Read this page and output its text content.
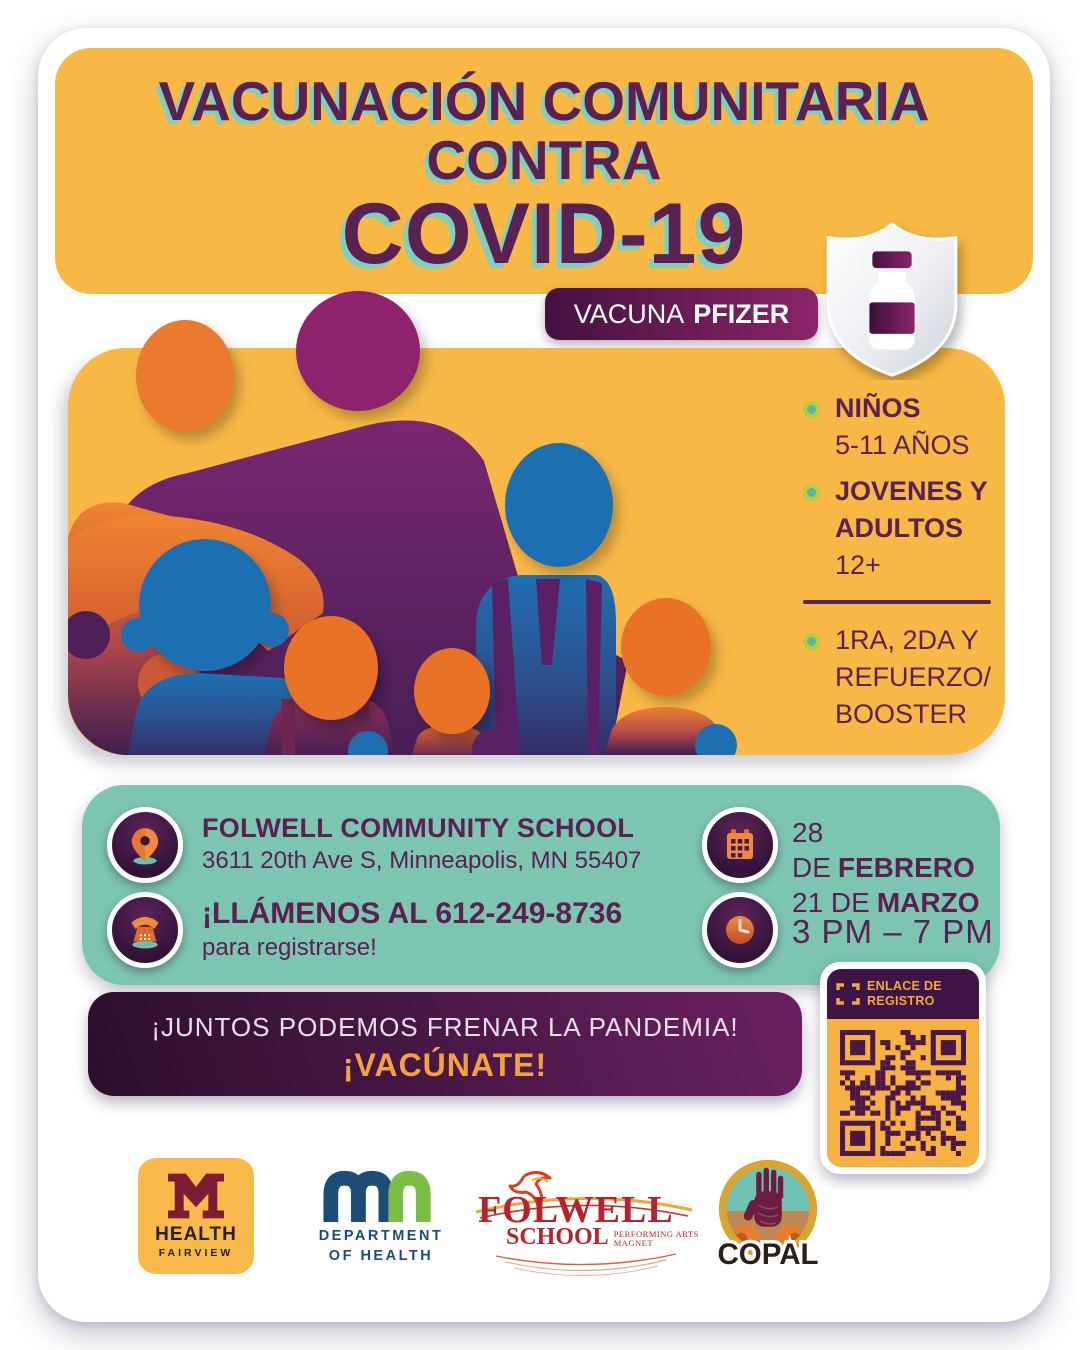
VACUNACIÓN COMUNITARIA
CONTRA
COVID-19
VACUNA PFIZER
NIÑOS
5-11 AÑOS
JOVENES Y
ADULTOS
12+
1RA, 2DA Y
REFUERZO/
BOOSTER
FOLWELL COMMUNITY SCHOOL
3611 20th Ave S, Minneapolis, MN 55407
¡LLÁMENOS AL 612-249-8736
para registrarse!
28 DE FEBRERO
21 DE MARZO
3 PM – 7 PM
¡JUNTOS PODEMOS FRENAR LA PANDEMIA!
¡VACÚNATE!
ENLACE DE
REGISTRO
HEALTH
FAIRVIEW
DEPARTMENT
OF HEALTH
FOLWELL
SCHOOL PERFORMING ARTS
MAGNET	COPAL
